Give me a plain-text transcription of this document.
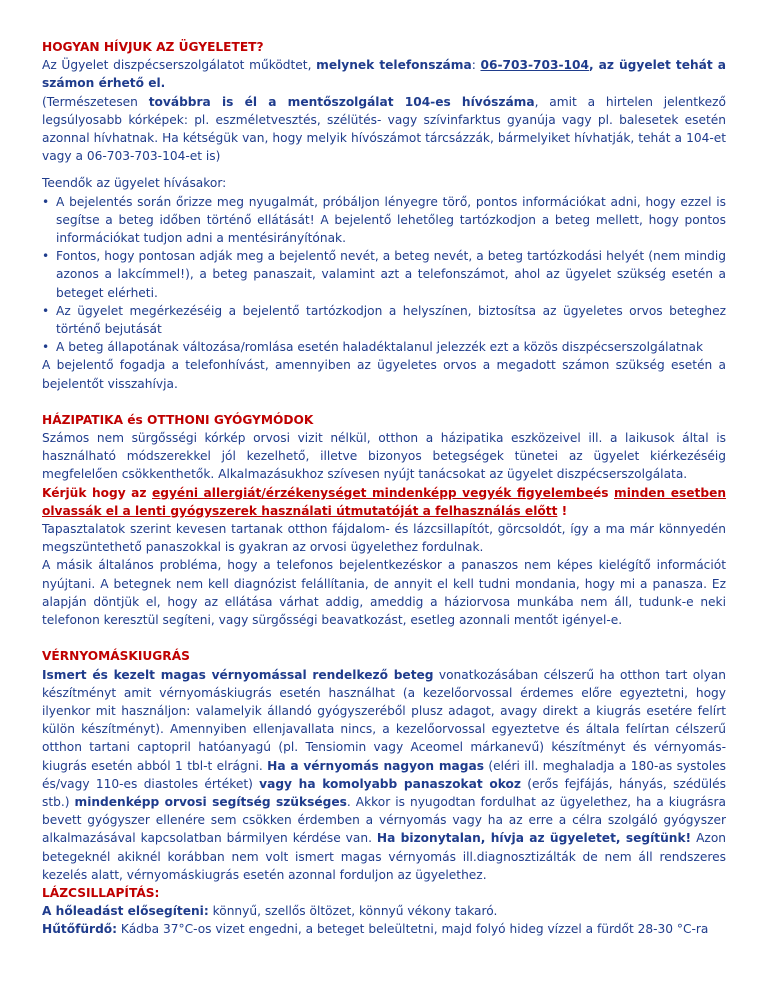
HOGYAN HÍVJUK AZ ÜGYELETET?

Az Ügyelet diszpécserszolgálatot működtet, melynek telefonszáma: 06-703-703-104, az ügyelet tehát a számon érhető el.

(Természetesen továbbra is él a mentőszolgálat 104-es hívószáma, amit a hirtelen jelentkező legsúlyosabb kórképek: pl. eszméletvesztés, szélütés- vagy szívinfarktus gyanúja vagy pl. balesetek esetén azonnal hívhatnak. Ha kétségük van, hogy melyik hívószámot tárcsázzák, bármelyiket hívhatják, tehát a 104-et vagy a 06-703-703-104-et is)

Teendők az ügyelet hívásakor:

• A bejelentés során őrizze meg nyugalmát, próbáljon lényegre törő, pontos információkat adni, hogy ezzel is segítse a beteg időben történő ellátását! A bejelentő lehetőleg tartózkodjon a beteg mellett, hogy pontos információkat tudjon adni a mentésirányítónak.
• Fontos, hogy pontosan adják meg a bejelentő nevét, a beteg nevét, a beteg tartózkodási helyét (nem mindig azonos a lakcímmel!), a beteg panaszait, valamint azt a telefonszámot, ahol az ügyelet szükség esetén a beteget elérheti.
• Az ügyelet megérkezéséig a bejelentő tartózkodjon a helyszínen, biztosítsa az ügyeletes orvos beteghez történő bejutását
• A beteg állapotának változása/romlása esetén haladéktalanul jelezzék ezt a közös diszpécserszolgálatnak

A bejelentő fogadja a telefonhívást, amennyiben az ügyeletes orvos a megadott számon szükség esetén a bejelentőt visszahívja.

HÁZIPATIKA és OTTHONI GYÓGYMÓDOK

Számos nem sürgősségi kórkép orvosi vizit nélkül, otthon a házipatika eszközeivel ill. a laikusok által is használható módszerekkel jól kezelhető, illetve bizonyos betegségek tünetei az ügyelet kiérkezéséig megfelelően csökkenthetők. Alkalmazásukhoz szívesen nyújt tanácsokat az ügyelet diszpécserszolgálata.

Kérjük hogy az egyéni allergiát/érzékenységet mindenképp vegyék figyelembeés minden esetben olvassák el a lenti gyógyszerek használati útmutatóját a felhasználás előtt !

Tapasztalatok szerint kevesen tartanak otthon fájdalom- és lázcsillapítót, görcsoldót, így a ma már könnyedén megszüntethető panaszokkal is gyakran az orvosi ügyelethez fordulnak.

A másik általános probléma, hogy a telefonos bejelentkezéskor a panaszos nem képes kielégítő információt nyújtani. A betegnek nem kell diagnózist felállítania, de annyit el kell tudni mondania, hogy mi a panasza. Ez alapján döntjük el, hogy az ellátása várhat addig, ameddig a háziorvosa munkába nem áll, tudunk-e neki telefonon keresztül segíteni, vagy sürgősségi beavatkozást, esetleg azonnali mentőt igényel-e.

VÉRNYOMÁSKIUGRÁS

Ismert és kezelt magas vérnyomással rendelkező beteg vonatkozásában célszerű ha otthon tart olyan készítményt amit vérnyomáskiugrás esetén használhat (a kezelőorvossal érdemes előre egyeztetni, hogy ilyenkor mit használjon: valamelyik állandó gyógyszeréből plusz adagot, avagy direkt a kiugrás esetére felírt külön készítményt). Amennyiben ellenjavallata nincs, a kezelőorvossal egyeztetve és általa felírtan célszerű otthon tartani captopril hatóanyagú (pl. Tensiomin vagy Aceomel márkanevű) készítményt és vérnyomás-kiugrás esetén abból 1 tbl-t elrágni. Ha a vérnyomás nagyon magas (eléri ill. meghaladja a 180-as systoles és/vagy 110-es diastoles értéket) vagy ha komolyabb panaszokat okoz (erős fejfájás, hányás, szédülés stb.) mindenképp orvosi segítség szükséges. Akkor is nyugodtan fordulhat az ügyelethez, ha a kiugrásra bevett gyógyszer ellenére sem csökken érdemben a vérnyomás vagy ha az erre a célra szolgáló gyógyszer alkalmazásával kapcsolatban bármilyen kérdése van. Ha bizonytalan, hívja az ügyeletet, segítünk! Azon betegeknél akiknél korábban nem volt ismert magas vérnyomás ill.diagnosztizálták de nem áll rendszeres kezelés alatt, vérnyomáskiugrás esetén azonnal forduljon az ügyelethez.

LÁZCSILLAPÍTÁS:

A hőleadást elősegíteni: könnyű, szellős öltözet, könnyű vékony takaró.

Hűtőfürdő: Kádba 37°C-os vizet engedni, a beteget beleültetni, majd folyó hideg vízzel a fürdőt 28-30 °C-ra
